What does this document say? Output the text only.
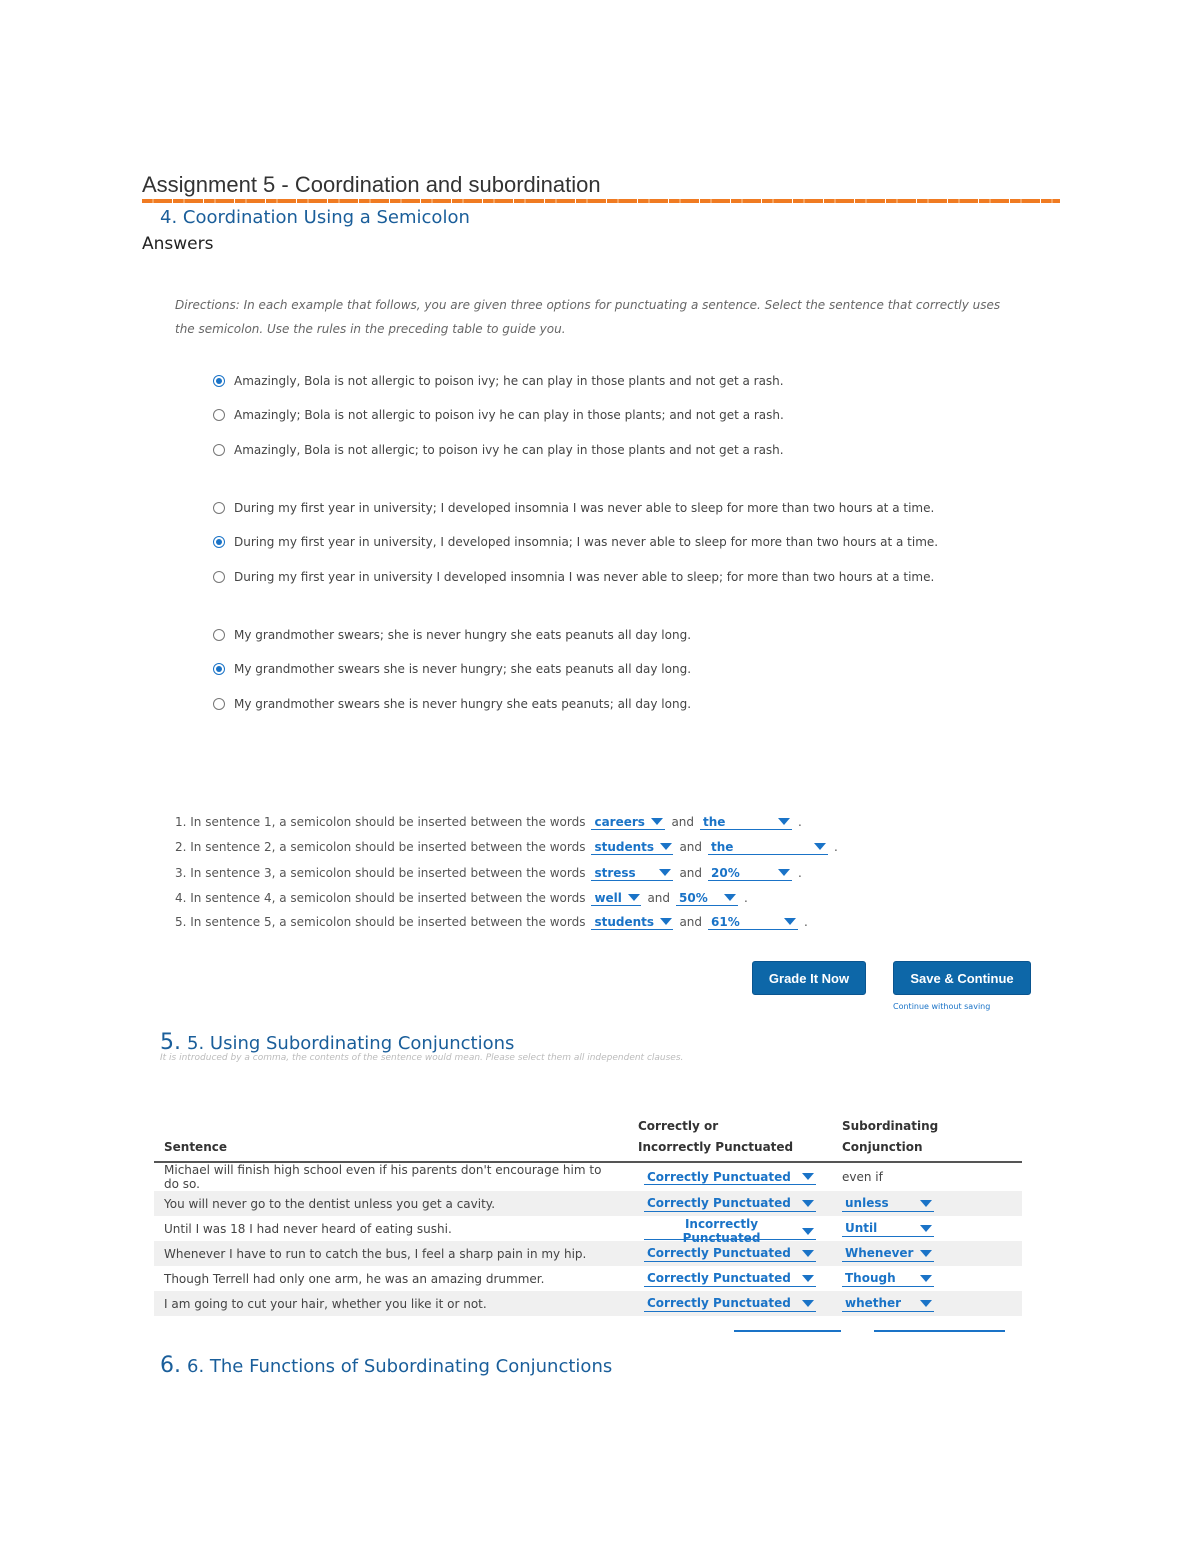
Assignment 5 - Coordination and subordination
4. Coordination Using a Semicolon
Answers
Directions: In each example that follows, you are given three options for punctuating a sentence. Select the sentence that correctly uses the semicolon. Use the rules in the preceding table to guide you.
Amazingly, Bola is not allergic to poison ivy; he can play in those plants and not get a rash.
Amazingly; Bola is not allergic to poison ivy he can play in those plants; and not get a rash.
Amazingly, Bola is not allergic; to poison ivy he can play in those plants and not get a rash.
During my first year in university; I developed insomnia I was never able to sleep for more than two hours at a time.
During my first year in university, I developed insomnia; I was never able to sleep for more than two hours at a time.
During my first year in university I developed insomnia I was never able to sleep; for more than two hours at a time.
My grandmother swears; she is never hungry she eats peanuts all day long.
My grandmother swears she is never hungry; she eats peanuts all day long.
My grandmother swears she is never hungry she eats peanuts; all day long.
1. In sentence 1, a semicolon should be inserted between the words careers and the	.
2. In sentence 2, a semicolon should be inserted between the words students and the	.
3. In sentence 3, a semicolon should be inserted between the words stress	and 20%	.
4. In sentence 4, a semicolon should be inserted between the words well and 50%	.
5. In sentence 5, a semicolon should be inserted between the words students and 61%	.
Grade It Now	Save & Continue
Continue without saving
5. 5. Using Subordinating Conjunctions
It is introduced by a comma, the contents of the sentence would mean. Please select them all independent clauses.
Sentence	Correctly or
Incorrectly Punctuated	Subordinating Conjunction
Michael will finish high school even if his parents don't encourage him to do so.	Correctly Punctuated	even if
You will never go to the dentist unless you get a cavity.	Correctly Punctuated	unless

Until I was 18 I had never heard of eating sushi.	Incorrectly Punctuated	Until

Whenever I have to run to catch the bus, I feel a sharp pain in my hip.	Correctly Punctuated	Whenever

Though Terrell had only one arm, he was an amazing drummer.	Correctly Punctuated	Though

I am going to cut your hair, whether you like it or not.	Correctly Punctuated	whether
6. 6. The Functions of Subordinating Conjunctions
